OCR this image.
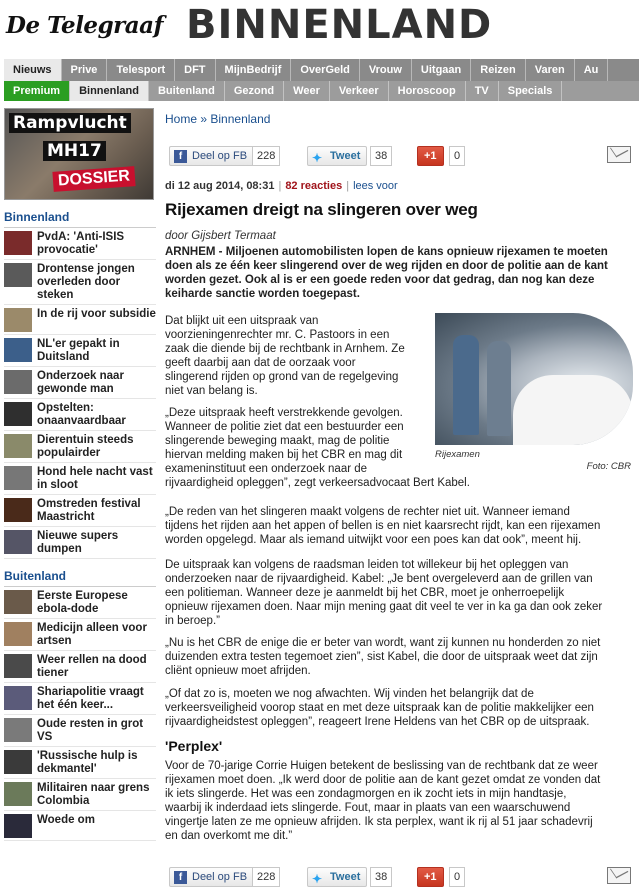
De Telegraaf BINNENLAND
Nieuws	Prive	Telesport	DFT	MijnBedrijf	OverGeld	Vrouw	Uitgaan	Reizen	Varen	Au
Premium	Binnenland	Buitenland	Gezond	Weer	Verkeer	Horoscoop	TV	Specials
Rampvlucht
MH17
DOSSIER
Binnenland
PvdA: 'Anti-ISIS provocatie'
Drontense jongen overleden door steken
In de rij voor subsidie
NL'er gepakt in Duitsland
Onderzoek naar gewonde man
Opstelten: onaanvaardbaar
Dierentuin steeds populairder
Hond hele nacht vast in sloot
Omstreden festival Maastricht
Nieuwe supers dumpen
Buitenland
Eerste Europese ebola-dode
Medicijn alleen voor artsen
Weer rellen na dood tiener
Shariapolitie vraagt het één keer...
Oude resten in grot VS
'Russische hulp is dekmantel'
Militairen naar grens Colombia
Woede om
Home » Binnenland
f Deel op FB 228	✦ Tweet	38	+1	0
di 12 aug 2014, 08:31 | 82 reacties | lees voor
Rijexamen dreigt na slingeren over weg
door Gijsbert Termaat
ARNHEM - Miljoenen automobilisten lopen de kans opnieuw rijexamen te moeten doen als ze één keer slingerend over de weg rijden en door de politie aan de kant worden gezet. Ook al is er een goede reden voor dat gedrag, dan nog kan deze keiharde sanctie worden toegepast.
Rijexamen
Foto: CBR
Dat blijkt uit een uitspraak van
voorzieningenrechter mr. C. Pastoors in een
zaak die diende bij de rechtbank in Arnhem. Ze
geeft daarbij aan dat de oorzaak voor
slingerend rijden op grond van de regelgeving
niet van belang is.
„Deze uitspraak heeft verstrekkende gevolgen.
Wanneer de politie ziet dat een bestuurder een
slingerende beweging maakt, mag de politie
hiervan melding maken bij het CBR en mag dit
exameninstituut een onderzoek naar de
rijvaardigheid opleggen”, zegt verkeersadvocaat Bert Kabel.
„De reden van het slingeren maakt volgens de rechter niet uit. Wanneer iemand
tijdens het rijden aan het appen of bellen is en niet kaarsrecht rijdt, kan een rijexamen
worden opgelegd. Maar als iemand uitwijkt voor een poes kan dat ook”, meent hij.
De uitspraak kan volgens de raadsman leiden tot willekeur bij het opleggen van
onderzoeken naar de rijvaardigheid. Kabel: „Je bent overgeleverd aan de grillen van
een politieman. Wanneer deze je aanmeldt bij het CBR, moet je onherroepelijk
opnieuw rijexamen doen. Naar mijn mening gaat dit veel te ver in ka ga dan ook zeker
in beroep.”
„Nu is het CBR de enige die er beter van wordt, want zij kunnen nu honderden zo niet
duizenden extra testen tegemoet zien”, sist Kabel, die door de uitspraak weet dat zijn
cliënt opnieuw moet afrijden.
„Of dat zo is, moeten we nog afwachten. Wij vinden het belangrijk dat de
verkeersveiligheid voorop staat en met deze uitspraak kan de politie makkelijker een
rijvaardigheidstest opleggen”, reageert Irene Heldens van het CBR op de uitspraak.
'Perplex'
Voor de 70-jarige Corrie Huigen betekent de beslissing van de rechtbank dat ze weer
rijexamen moet doen. „Ik werd door de politie aan de kant gezet omdat ze vonden dat
ik iets slingerde. Het was een zondagmorgen en ik zocht iets in mijn handtasje,
waarbij ik inderdaad iets slingerde. Fout, maar in plaats van een waarschuwend
vingertje laten ze me opnieuw afrijden. Ik sta perplex, want ik rij al 51 jaar schadevrij
en dan overkomt me dit.”
f Deel op FB 228	✦ Tweet	38	+1	0
